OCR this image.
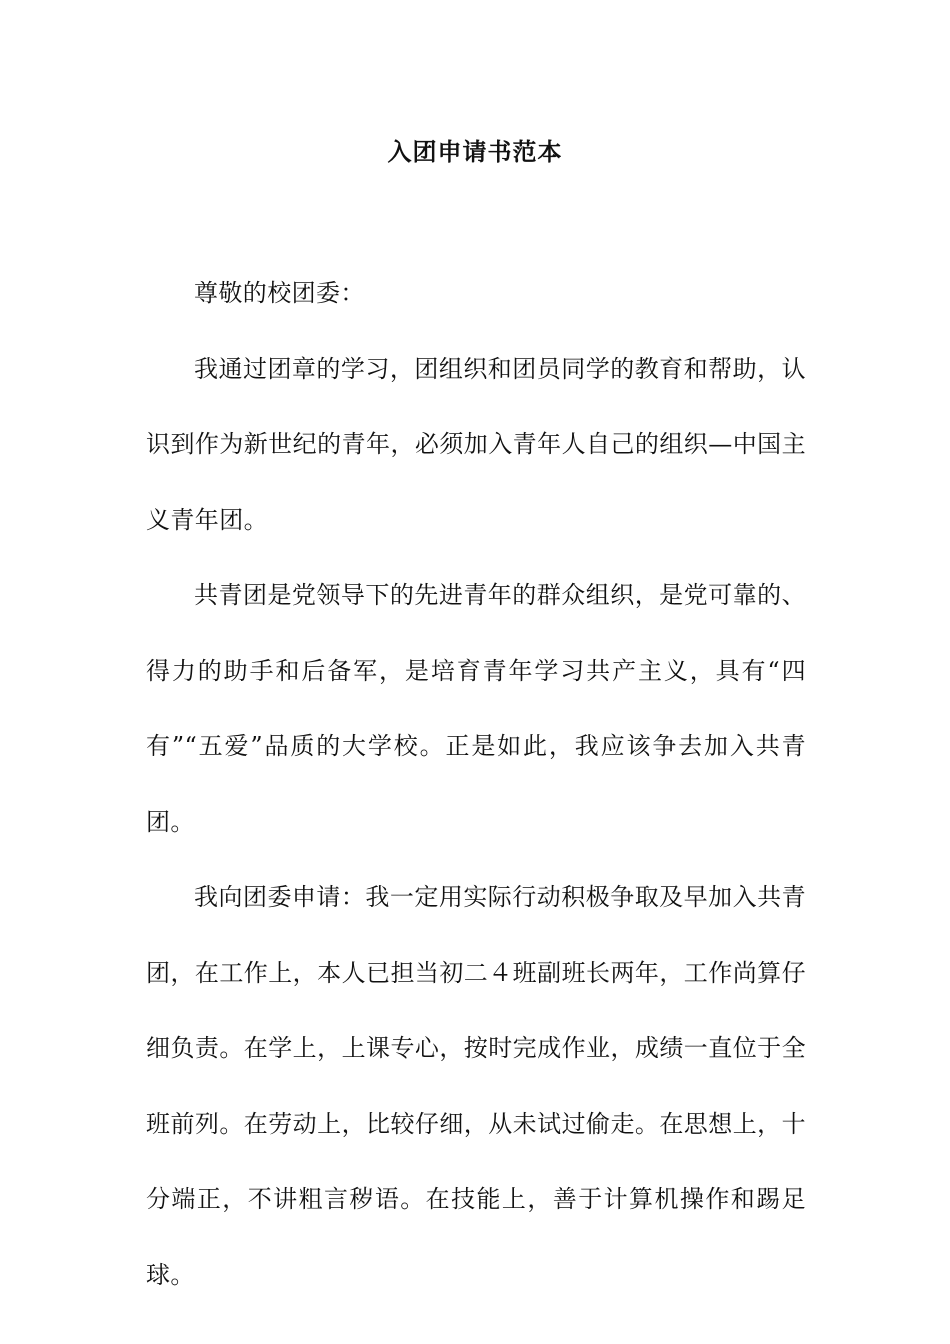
入团申请书范本

尊敬的校团委：

我通过团章的学习，团组织和团员同学的教育和帮助，认识到作为新世纪的青年，必须加入青年人自己的组织—中国主义青年团。

共青团是党领导下的先进青年的群众组织，是党可靠的、得力的助手和后备军，是培育青年学习共产主义，具有“四有”“五爱”品质的大学校。正是如此，我应该争去加入共青团。

我向团委申请：我一定用实际行动积极争取及早加入共青团，在工作上，本人已担当初二４班副班长两年，工作尚算仔细负责。在学上，上课专心，按时完成作业，成绩一直位于全班前列。在劳动上，比较仔细，从未试过偷走。在思想上，十分端正，不讲粗言秽语。在技能上，善于计算机操作和踢足球。
